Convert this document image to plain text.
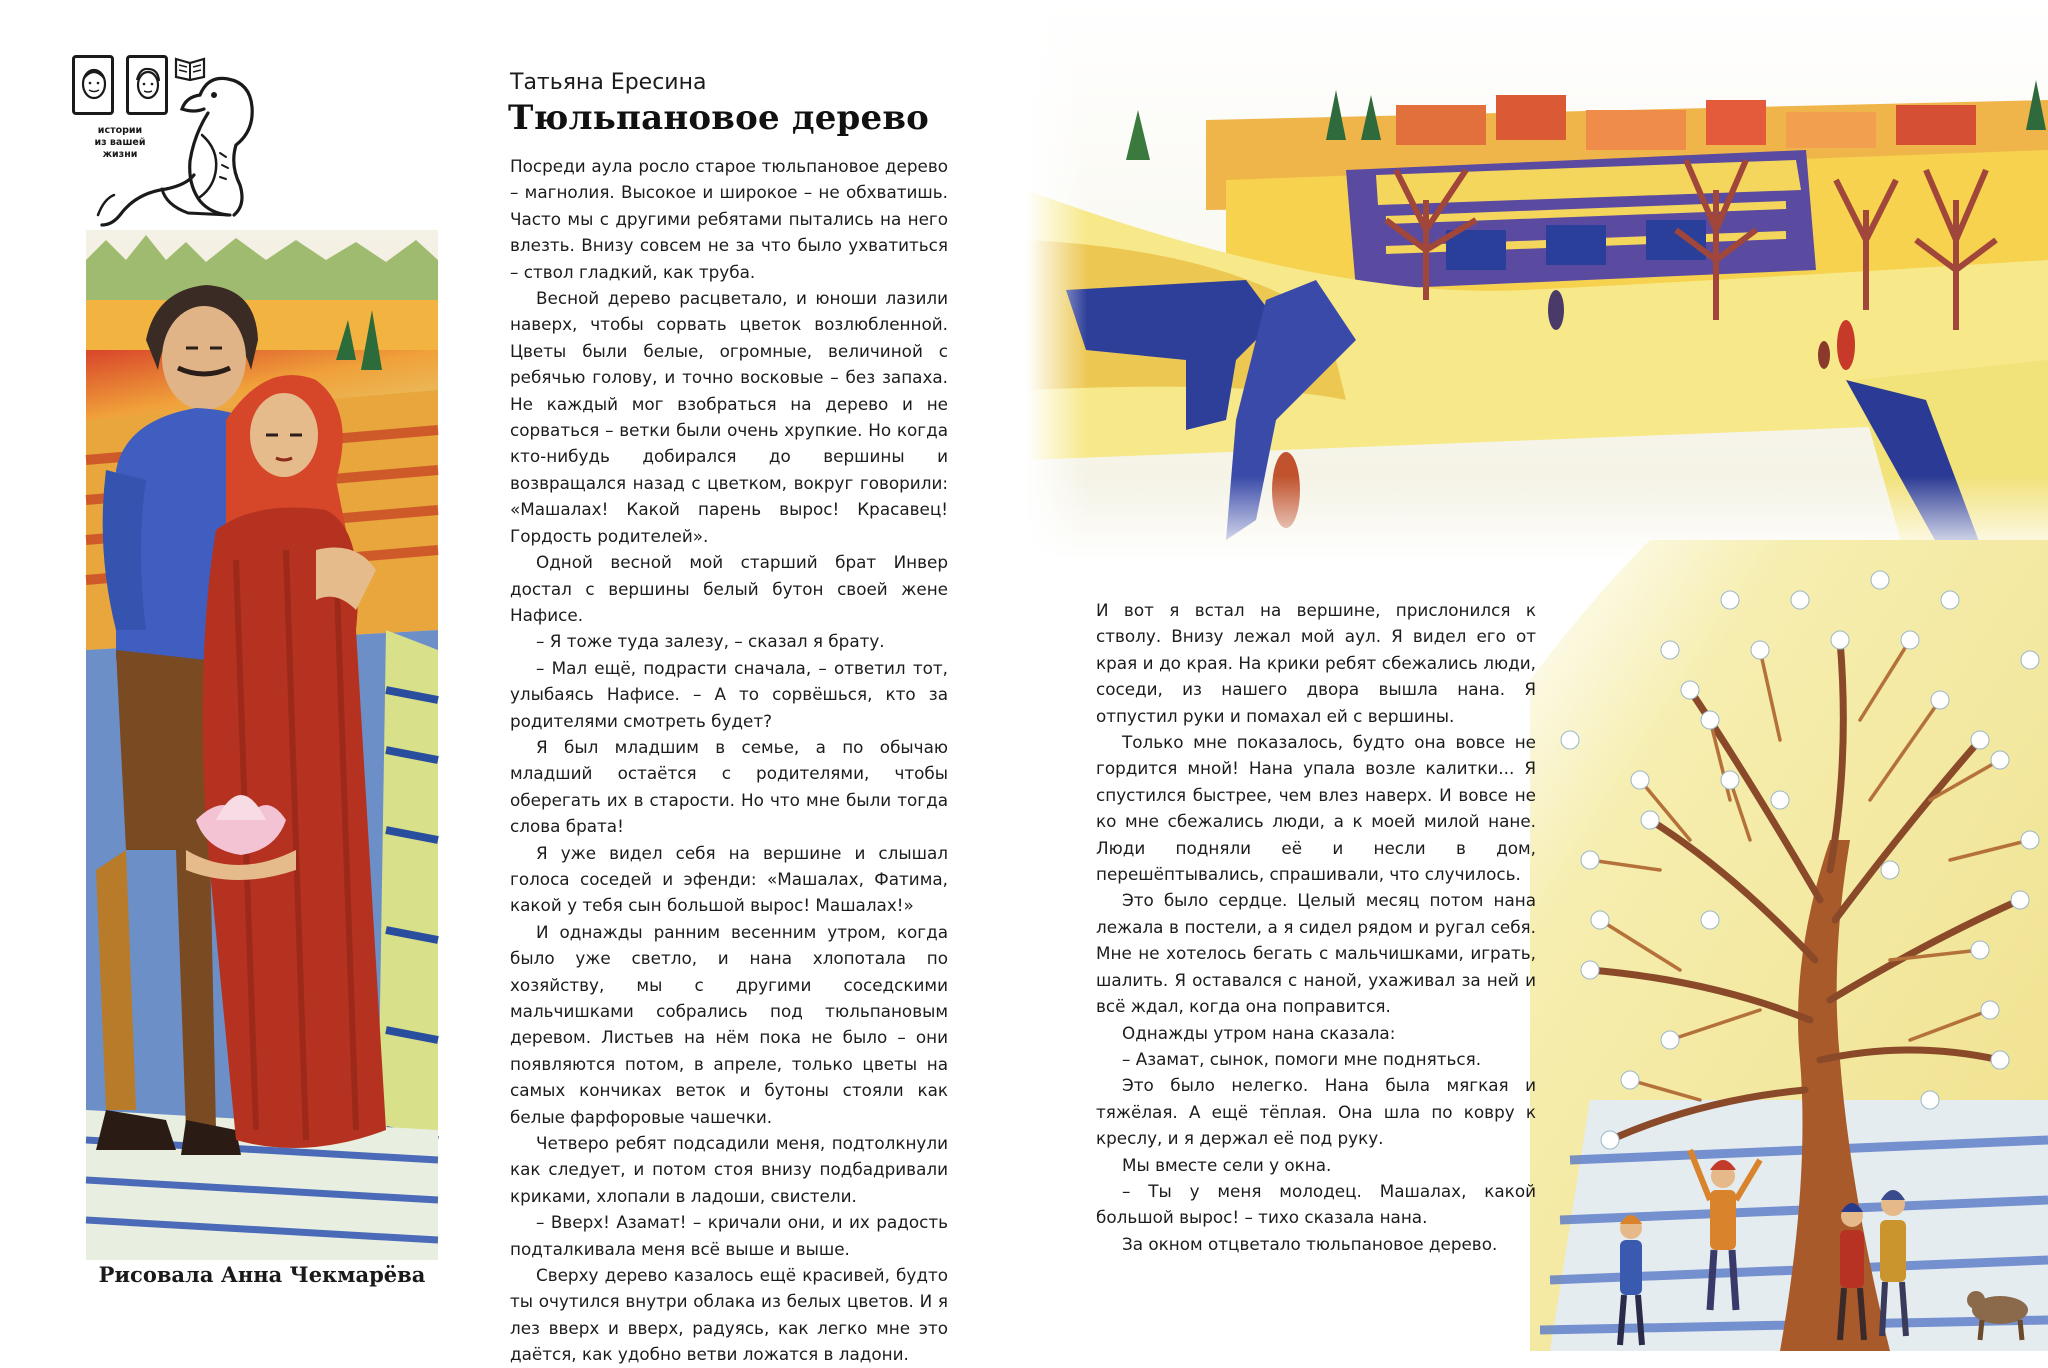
истории
из вашей
жизни
Рисовала Анна Чекмарёва
Татьяна Ересина
Тюльпановое дерево

Посреди аула росло старое тюльпановое дерево – магнолия. Высокое и широкое – не обхватишь. Часто мы с другими ребятами пытались на него влезть. Внизу совсем не за что было ухватиться – ствол гладкий, как труба.

Весной дерево расцветало, и юноши лазили наверх, чтобы сорвать цветок возлюбленной. Цветы были белые, огромные, величиной с ребячью голову, и точно восковые – без запаха. Не каждый мог взобраться на дерево и не сорваться – ветки были очень хрупкие. Но когда кто-нибудь добирался до вершины и возвращался назад с цветком, вокруг говорили: «Машалах! Какой парень вырос! Красавец! Гордость родителей».

Одной весной мой старший брат Инвер достал с вершины белый бутон своей жене Нафисе.

– Я тоже туда залезу, – сказал я брату.

– Мал ещё, подрасти сначала, – ответил тот, улыбаясь Нафисе. – А то сорвёшься, кто за родителями смотреть будет?

Я был младшим в семье, а по обычаю младший остаётся с родителями, чтобы оберегать их в старости. Но что мне были тогда слова брата!

Я уже видел себя на вершине и слышал голоса соседей и эфенди: «Машалах, Фатима, какой у тебя сын большой вырос! Машалах!»

И однажды ранним весенним утром, когда было уже светло, и нана хлопотала по хозяйству, мы с другими соседскими мальчишками собрались под тюльпановым деревом. Листьев на нём пока не было – они появляются потом, в апреле, только цветы на самых кончиках веток и бутоны стояли как белые фарфоровые чашечки.

Четверо ребят подсадили меня, подтолкнули как следует, и потом стоя внизу подбадривали криками, хлопали в ладоши, свистели.

– Вверх! Азамат! – кричали они, и их радость подталкивала меня всё выше и выше.

Сверху дерево казалось ещё красивей, будто ты очутился внутри облака из белых цветов. И я лез вверх и вверх, радуясь, как легко мне это даётся, как удобно ветви ложатся в ладони.

И вот я встал на вершине, прислонился к стволу. Внизу лежал мой аул. Я видел его от края и до края. На крики ребят сбежались люди, соседи, из нашего двора вышла нана. Я отпустил руки и помахал ей с вершины.

Только мне показалось, будто она вовсе не гордится мной! Нана упала возле калитки... Я спустился быстрее, чем влез наверх. И вовсе не ко мне сбежались люди, а к моей милой нане. Люди подняли её и несли в дом, перешёптывались, спрашивали, что случилось.

Это было сердце. Целый месяц потом нана лежала в постели, а я сидел рядом и ругал себя. Мне не хотелось бегать с мальчишками, играть, шалить. Я оставался с наной, ухаживал за ней и всё ждал, когда она поправится.

Однажды утром нана сказала:

– Азамат, сынок, помоги мне подняться.

Это было нелегко. Нана была мягкая и тяжёлая. А ещё тёплая. Она шла по ковру к креслу, и я держал её под руку.

Мы вместе сели у окна.

– Ты у меня молодец. Машалах, какой большой вырос! – тихо сказала нана.

За окном отцветало тюльпановое дерево.
